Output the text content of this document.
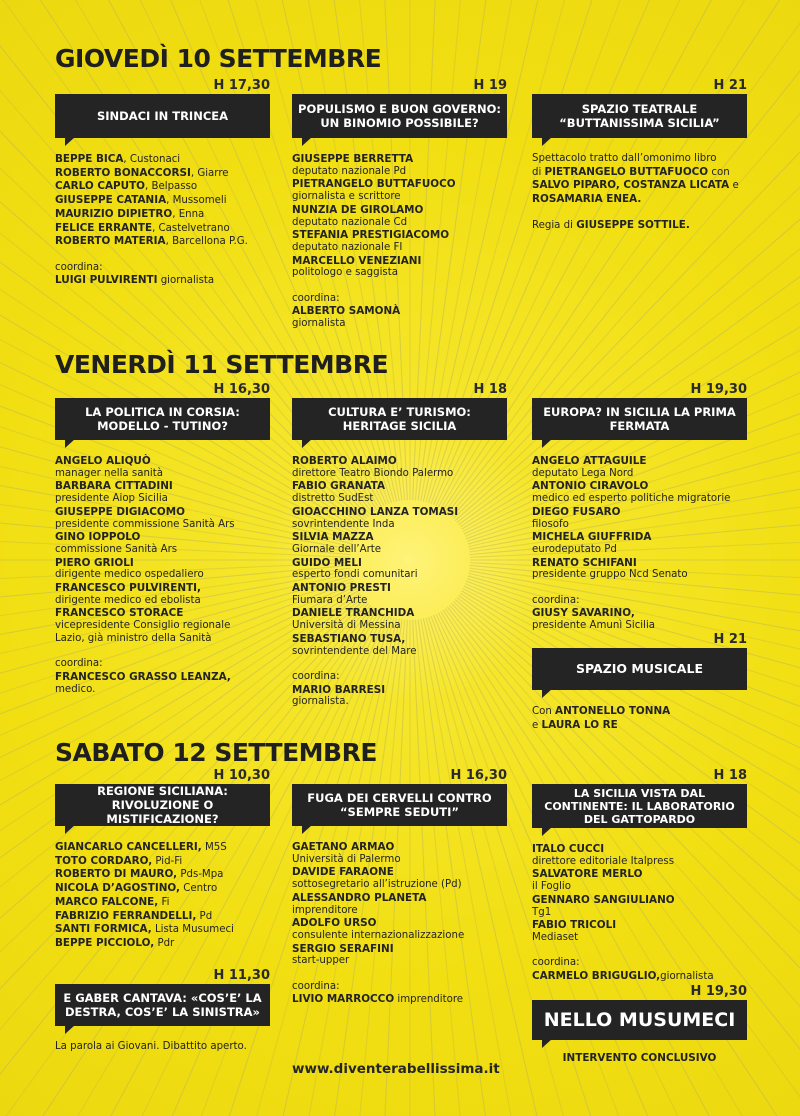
GIOVEDÌ 10 SETTEMBRE
H 17,30
SINDACI IN TRINCEA

BEPPE BICA, Custonaci

ROBERTO BONACCORSI, Giarre

CARLO CAPUTO, Belpasso

GIUSEPPE CATANIA, Mussomeli

MAURIZIO DIPIETRO, Enna

FELICE ERRANTE, Castelvetrano

ROBERTO MATERIA, Barcellona P.G.

coordina:

LUIGI PULVIRENTI giornalista

H 19
POPULISMO E BUON GOVERNO: UN BINOMIO POSSIBILE?

GIUSEPPE BERRETTA

deputato nazionale Pd

PIETRANGELO BUTTAFUOCO

giornalista e scrittore

NUNZIA DE GIROLAMO

deputato nazionale Cd

STEFANIA PRESTIGIACOMO

deputato nazionale FI

MARCELLO VENEZIANI

politologo e saggista

coordina:

ALBERTO SAMONÀ

giornalista

H 21
SPAZIO TEATRALE “BUTTANISSIMA SICILIA”

Spettacolo tratto dall’omonimo libro

di PIETRANGELO BUTTAFUOCO con

SALVO PIPARO, COSTANZA LICATA e

ROSAMARIA ENEA.

Regia di GIUSEPPE SOTTILE.

VENERDÌ 11 SETTEMBRE
H 16,30
LA POLITICA IN CORSIA: MODELLO - TUTINO?

ANGELO ALIQUÒ

manager nella sanità

BARBARA CITTADINI

presidente Aiop Sicilia

GIUSEPPE DIGIACOMO

presidente commissione Sanità Ars

GINO IOPPOLO

commissione Sanità Ars

PIERO GRIOLI

dirigente medico ospedaliero

FRANCESCO PULVIRENTI,

dirigente medico ed ebolista

FRANCESCO STORACE

vicepresidente Consiglio regionale Lazio, già ministro della Sanità

coordina:

FRANCESCO GRASSO LEANZA,

medico.

H 18
CULTURA E’ TURISMO: HERITAGE SICILIA

ROBERTO ALAIMO

direttore Teatro Biondo Palermo

FABIO GRANATA

distretto SudEst

GIOACCHINO LANZA TOMASI

sovrintendente Inda

SILVIA MAZZA

Giornale dell’Arte

GUIDO MELI

esperto fondi comunitari

ANTONIO PRESTI

Fiumara d’Arte

DANIELE TRANCHIDA

Università di Messina

SEBASTIANO TUSA,

sovrintendente del Mare

coordina:

MARIO BARRESI

giornalista.

H 19,30
EUROPA? IN SICILIA LA PRIMA FERMATA

ANGELO ATTAGUILE

deputato Lega Nord

ANTONIO CIRAVOLO

medico ed esperto politiche migratorie

DIEGO FUSARO

filosofo

MICHELA GIUFFRIDA

eurodeputato Pd

RENATO SCHIFANI

presidente gruppo Ncd Senato

coordina:

GIUSY SAVARINO,

presidente Amunì Sicilia

H 21
SPAZIO MUSICALE

Con ANTONELLO TONNA

e LAURA LO RE

SABATO 12 SETTEMBRE
H 10,30
REGIONE SICILIANA: RIVOLUZIONE O MISTIFICAZIONE?

GIANCARLO CANCELLERI, M5S

TOTO CORDARO, Pid-Fi

ROBERTO DI MAURO, Pds-Mpa

NICOLA D’AGOSTINO, Centro

MARCO FALCONE, Fi

FABRIZIO FERRANDELLI, Pd

SANTI FORMICA, Lista Musumeci

BEPPE PICCIOLO, Pdr

H 11,30
E GABER CANTAVA: «COS’E’ LA DESTRA, COS’E’ LA SINISTRA»

La parola ai Giovani. Dibattito aperto.

H 16,30
FUGA DEI CERVELLI CONTRO “SEMPRE SEDUTI”

GAETANO ARMAO

Università di Palermo

DAVIDE FARAONE

sottosegretario all’istruzione (Pd)

ALESSANDRO PLANETA

imprenditore

ADOLFO URSO

consulente internazionalizzazione

SERGIO SERAFINI

start-upper

coordina:

LIVIO MARROCCO imprenditore

H 18
LA SICILIA VISTA DAL CONTINENTE: IL LABORATORIO DEL GATTOPARDO

ITALO CUCCI

direttore editoriale Italpress

SALVATORE MERLO

il Foglio

GENNARO SANGIULIANO

Tg1

FABIO TRICOLI

Mediaset

coordina:

CARMELO BRIGUGLIO,giornalista

H 19,30
NELLO MUSUMECI
INTERVENTO CONCLUSIVO
www.diventerabellissima.it
